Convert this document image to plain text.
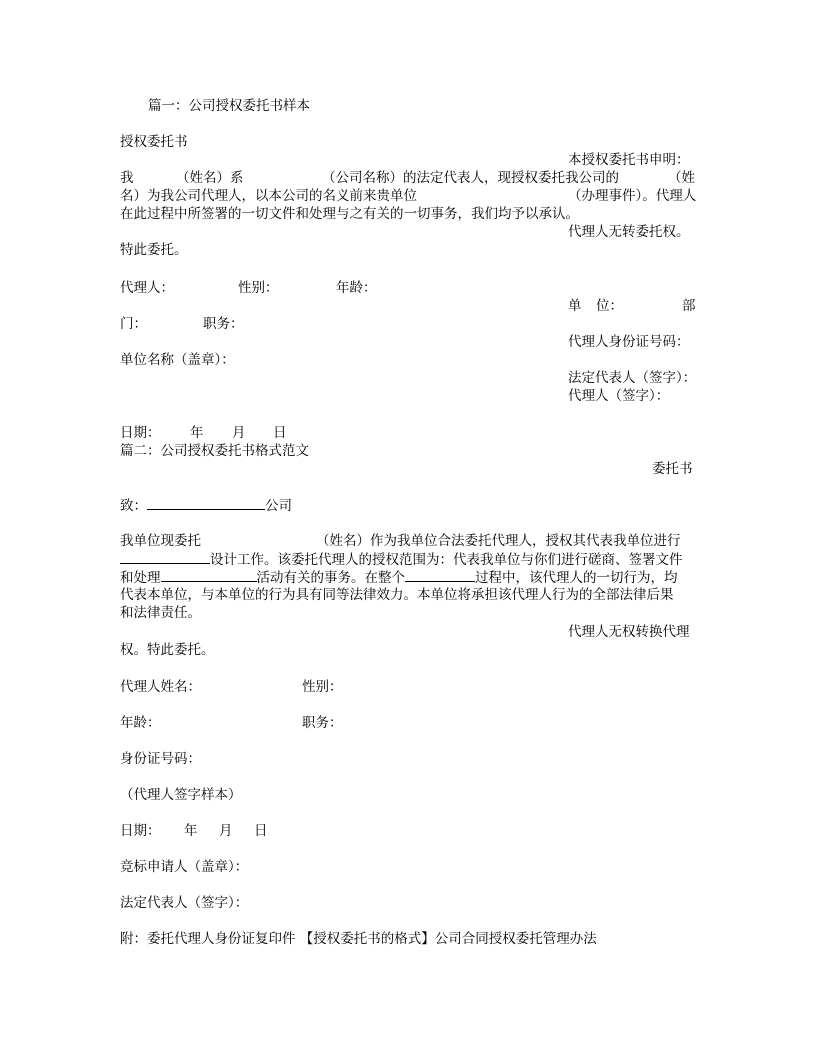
篇一：公司授权委托书样本
授权委托书
本授权委托书申明：
我	（姓名）系	（公司名称）的法定代表人，现授权委托我公司的	（姓
名）为我公司代理人，以本公司的名义前来贵单位	（办理事件）。代理人
在此过程中所签署的一切文件和处理与之有关的一切事务，我们均予以承认。
代理人无转委托权。
特此委托。
代理人：	性别：	年龄：
单 位：	部
门：	职务：
代理人身份证号码：
单位名称（盖章）：
法定代表人（签字）：
代理人（签字）：
日期： 年 月 日
篇二：公司授权委托书格式范文
委托书
致：	公司
我单位现委托	（姓名）作为我单位合法委托代理人，授权其代表我单位进行
设计工作。该委托代理人的授权范围为：代表我单位与你们进行磋商、签署文件
和处理	活动有关的事务。在整个	过程中，该代理人的一切行为，均
代表本单位，与本单位的行为具有同等法律效力。本单位将承担该代理人行为的全部法律后果
和法律责任。
代理人无权转换代理
权。特此委托。
代理人姓名：	性别：
年龄：	职务：
身份证号码：
（代理人签字样本）
日期： 年 月 日
竞标申请人（盖章）：
法定代表人（签字）：
附：委托代理人身份证复印件 【授权委托书的格式】公司合同授权委托管理办法
